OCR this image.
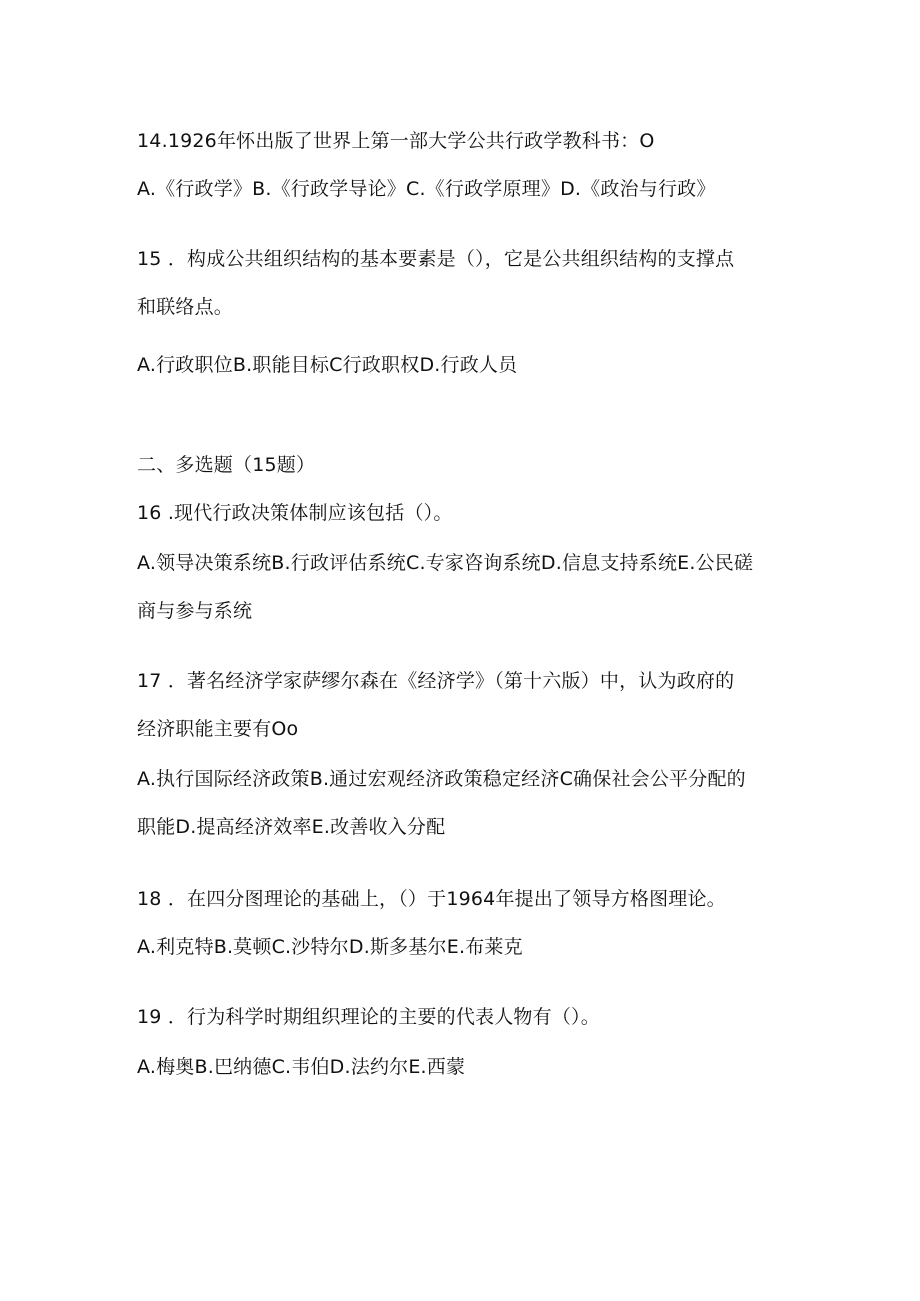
14.1926年怀出版了世界上第一部大学公共行政学教科书：O

A.《行政学》B.《行政学导论》C.《行政学原理》D.《政治与行政》

15 ．构成公共组织结构的基本要素是（），它是公共组织结构的支撑点

和联络点。

A.行政职位B.职能目标C行政职权D.行政人员

二、多选题（15题）

16 .现代行政决策体制应该包括（）。

A.领导决策系统B.行政评估系统C.专家咨询系统D.信息支持系统E.公民磋

商与参与系统

17 ．著名经济学家萨缪尔森在《经济学》（第十六版）中，认为政府的

经济职能主要有Oo

A.执行国际经济政策B.通过宏观经济政策稳定经济C确保社会公平分配的

职能D.提高经济效率E.改善收入分配

18 ．在四分图理论的基础上，（）于1964年提出了领导方格图理论。

A.利克特B.莫顿C.沙特尔D.斯多基尔E.布莱克

19 ．行为科学时期组织理论的主要的代表人物有（）。

A.梅奥B.巴纳德C.韦伯D.法约尔E.西蒙
